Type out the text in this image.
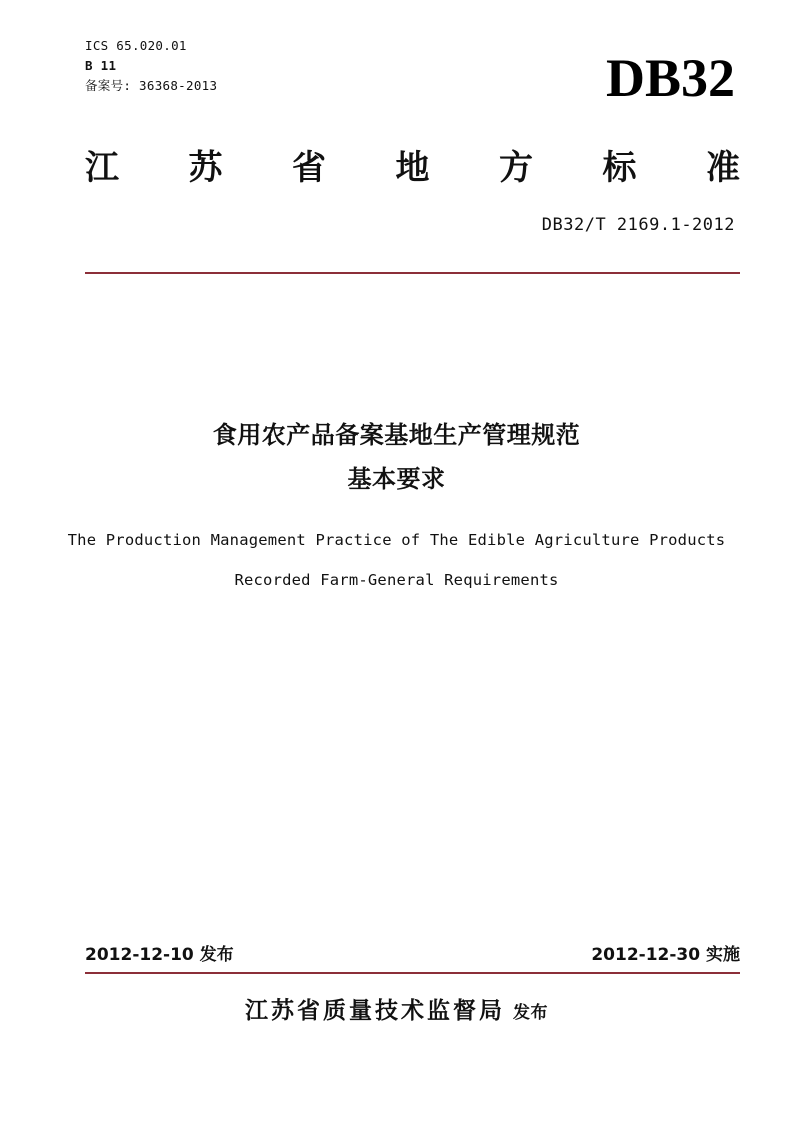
ICS 65.020.01
B 11
备案号: 36368-2013	DB32
江 苏 省 地 方 标 准
DB32/T 2169.1-2012
食用农产品备案基地生产管理规范
基本要求
The Production Management Practice of The Edible Agriculture Products
Recorded Farm-General Requirements
2012-12-10 发布	2012-12-30 实施
江苏省质量技术监督局 发布
